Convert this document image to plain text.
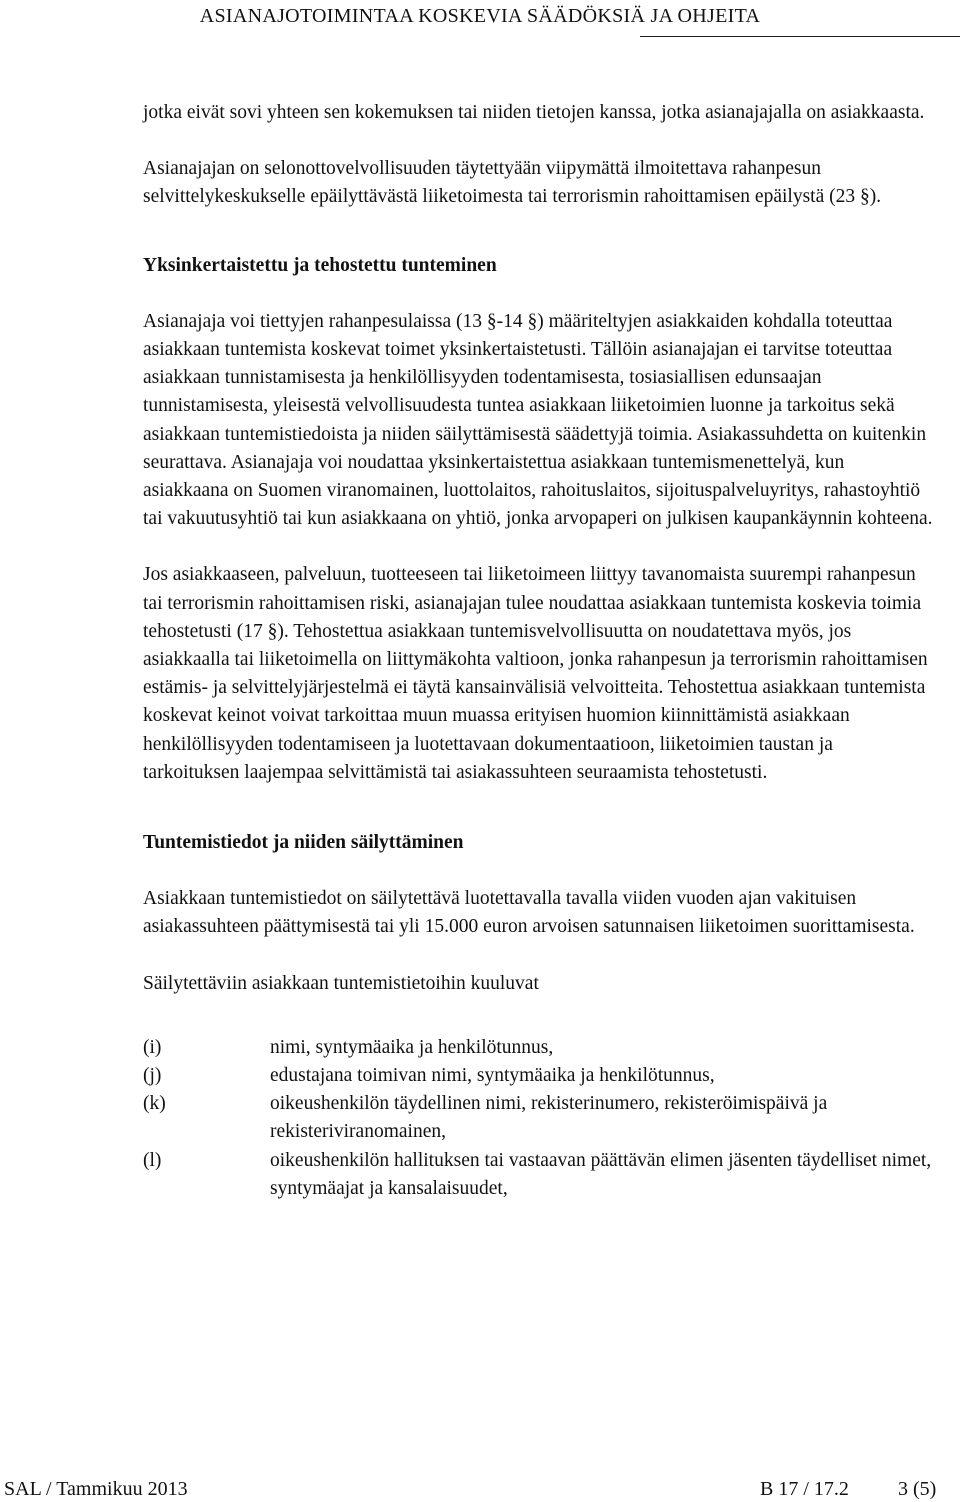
ASIANAJOTOIMINTAA KOSKEVIA SÄÄDÖKSIÄ JA OHJEITA

jotka eivät sovi yhteen sen kokemuksen tai niiden tietojen kanssa, jotka asianajajalla on asiakkaasta.

Asianajajan on selonottovelvollisuuden täytettyään viipymättä ilmoitettava rahanpesun selvittelykeskukselle epäilyttävästä liiketoimesta tai terrorismin rahoittamisen epäilystä (23 §).

Yksinkertaistettu ja tehostettu tunteminen

Asianajaja voi tiettyjen rahanpesulaissa (13 §-14 §) määriteltyjen asiakkaiden kohdalla toteuttaa asiakkaan tuntemista koskevat toimet yksinkertaistetusti. Tällöin asianajajan ei tarvitse toteuttaa asiakkaan tunnistamisesta ja henkilöllisyyden todentamisesta, tosiasiallisen edunsaajan tunnistamisesta, yleisestä velvollisuudesta tuntea asiakkaan liiketoimien luonne ja tarkoitus sekä asiakkaan tuntemistiedoista ja niiden säilyttämisestä säädettyjä toimia. Asiakassuhdetta on kuitenkin seurattava. Asianajaja voi noudattaa yksinkertaistettua asiakkaan tuntemismenettelyä, kun asiakkaana on Suomen viranomainen, luottolaitos, rahoituslaitos, sijoituspalveluyritys, rahastoyhtiö tai vakuutusyhtiö tai kun asiakkaana on yhtiö, jonka arvopaperi on julkisen kaupankäynnin kohteena.

Jos asiakkaaseen, palveluun, tuotteeseen tai liiketoimeen liittyy tavanomaista suurempi rahanpesun tai terrorismin rahoittamisen riski, asianajajan tulee noudattaa asiakkaan tuntemista koskevia toimia tehostetusti (17 §). Tehostettua asiakkaan tuntemisvelvollisuutta on noudatettava myös, jos asiakkaalla tai liiketoimella on liittymäkohta valtioon, jonka rahanpesun ja terrorismin rahoittamisen estämis- ja selvittelyjärjestelmä ei täytä kansainvälisiä velvoitteita. Tehostettua asiakkaan tuntemista koskevat keinot voivat tarkoittaa muun muassa erityisen huomion kiinnittämistä asiakkaan henkilöllisyyden todentamiseen ja luotettavaan dokumentaatioon, liiketoimien taustan ja tarkoituksen laajempaa selvittämistä tai asiakassuhteen seuraamista tehostetusti.

Tuntemistiedot ja niiden säilyttäminen

Asiakkaan tuntemistiedot on säilytettävä luotettavalla tavalla viiden vuoden ajan vakituisen asiakassuhteen päättymisestä tai yli 15.000 euron arvoisen satunnaisen liiketoimen suorittamisesta.

Säilytettäviin asiakkaan tuntemistietoihin kuuluvat

(i)	nimi, syntymäaika ja henkilötunnus,
(j)	edustajana toimivan nimi, syntymäaika ja henkilötunnus,
(k)	oikeushenkilön täydellinen nimi, rekisterinumero, rekisteröimispäivä ja rekisteriviranomainen,
(l)	oikeushenkilön hallituksen tai vastaavan päättävän elimen jäsenten täydelliset nimet, syntymäajat ja kansalaisuudet,
SAL / Tammikuu 2013	B 17 / 17.2 3 (5)
